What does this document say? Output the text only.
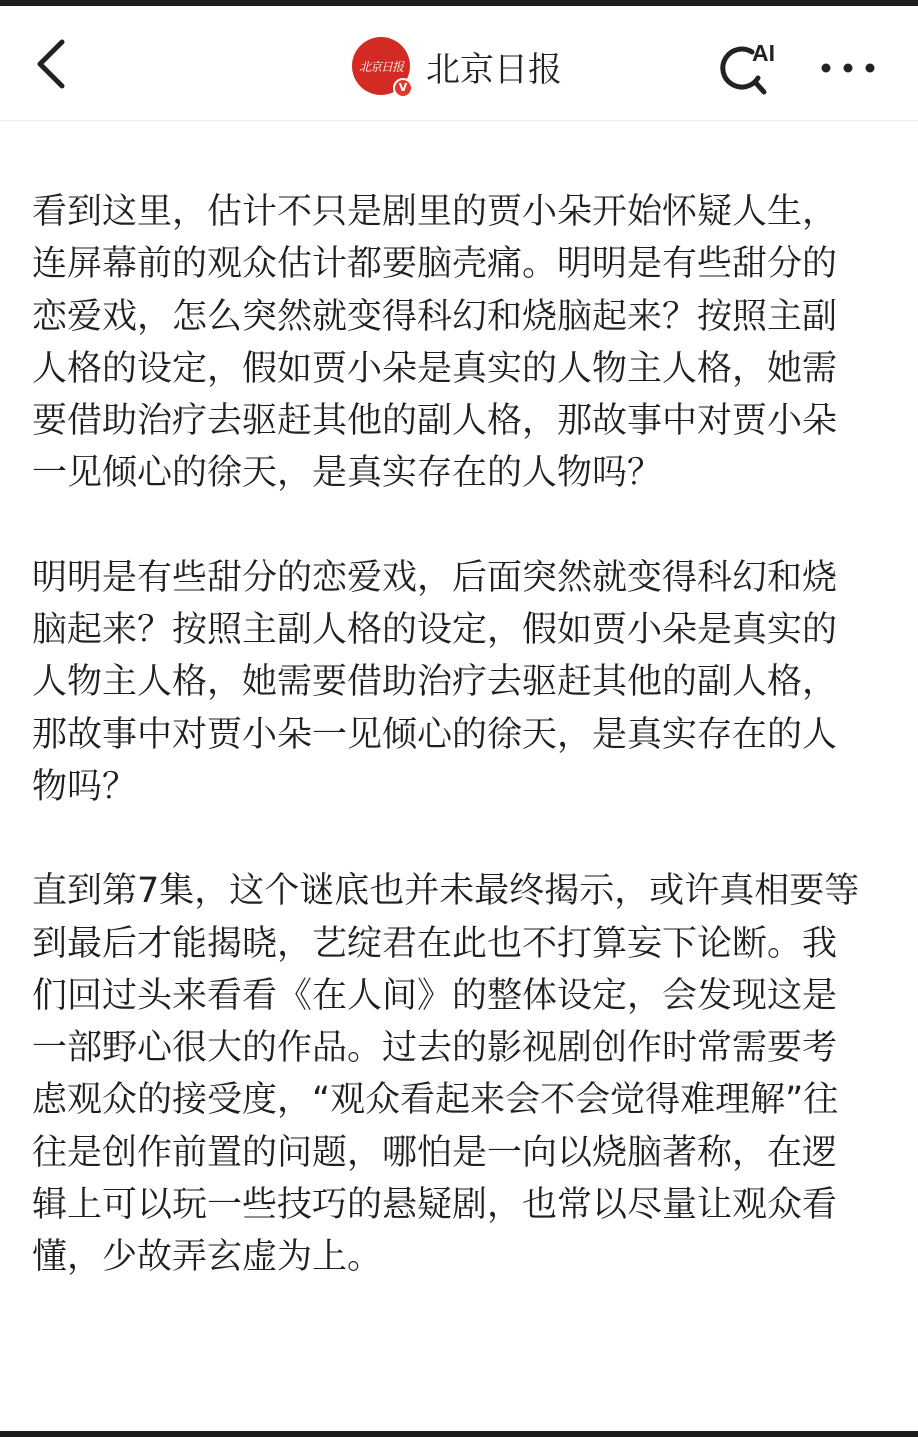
北京日报
V 北京日报	AI

看到这里，估计不只是剧里的贾小朵开始怀疑人生，连屏幕前的观众估计都要脑壳痛。明明是有些甜分的恋爱戏，怎么突然就变得科幻和烧脑起来？按照主副人格的设定，假如贾小朵是真实的人物主人格，她需要借助治疗去驱赶其他的副人格，那故事中对贾小朵一见倾心的徐天，是真实存在的人物吗？

明明是有些甜分的恋爱戏，后面突然就变得科幻和烧脑起来？按照主副人格的设定，假如贾小朵是真实的人物主人格，她需要借助治疗去驱赶其他的副人格，那故事中对贾小朵一见倾心的徐天，是真实存在的人物吗？

直到第7集，这个谜底也并未最终揭示，或许真相要等到最后才能揭晓，艺绽君在此也不打算妄下论断。我们回过头来看看《在人间》的整体设定，会发现这是一部野心很大的作品。过去的影视剧创作时常需要考虑观众的接受度，“观众看起来会不会觉得难理解”往往是创作前置的问题，哪怕是一向以烧脑著称，在逻辑上可以玩一些技巧的悬疑剧，也常以尽量让观众看懂，少故弄玄虚为上。
